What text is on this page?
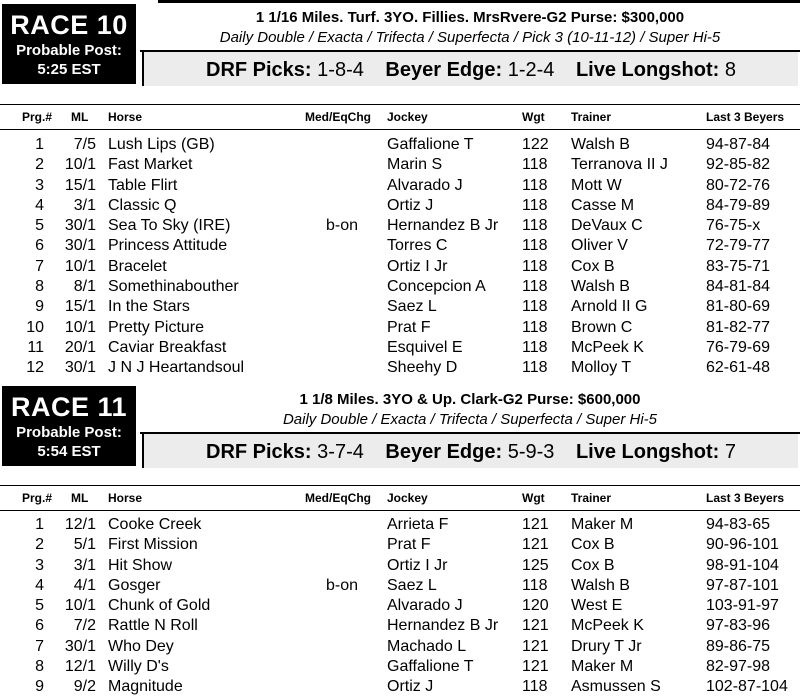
RACE 10
Probable Post:
5:25 EST
1 1/16 Miles. Turf. 3YO. Fillies. MrsRvere-G2 Purse: $300,000
Daily Double / Exacta / Trifecta / Superfecta / Pick 3 (10-11-12) / Super Hi-5
DRF Picks: 1-8-4 Beyer Edge: 1-2-4 Live Longshot: 8
Prg.# ML Horse	Med/EqChg Jockey	Wgt Trainer	Last 3 Beyers
1	7/5 Lush Lips (GB)	Gaffalione T	122 Walsh B	94-87-84
2	10/1 Fast Market	Marin S	118 Terranova II J 92-85-82
3	15/1 Table Flirt	Alvarado J	118 Mott W	80-72-76
4	3/1 Classic Q	Ortiz J	118 Casse M	84-79-89
5	30/1 Sea To Sky (IRE)	b-on Hernandez B Jr 118 DeVaux C	76-75-x
6	30/1 Princess Attitude	Torres C	118 Oliver V	72-79-77
7	10/1 Bracelet	Ortiz I Jr	118 Cox B	83-75-71
8	8/1 Somethinabouther	Concepcion A 118 Walsh B	84-81-84
9	15/1 In the Stars	Saez L	118 Arnold II G	81-80-69
10	10/1 Pretty Picture	Prat F	118 Brown C	81-82-77
11	20/1 Caviar Breakfast	Esquivel E	118 McPeek K	76-79-69
12	30/1 J N J Heartandsoul	Sheehy D	118 Molloy T	62-61-48
RACE 11
Probable Post:
5:54 EST
1 1/8 Miles. 3YO & Up. Clark-G2 Purse: $600,000
Daily Double / Exacta / Trifecta / Superfecta / Super Hi-5
DRF Picks: 3-7-4 Beyer Edge: 5-9-3 Live Longshot: 7
Prg.# ML Horse	Med/EqChg Jockey	Wgt Trainer	Last 3 Beyers
1	12/1 Cooke Creek	Arrieta F	121 Maker M	94-83-65
2	5/1 First Mission	Prat F	121 Cox B	90-96-101
3	3/1 Hit Show	Ortiz I Jr	125 Cox B	98-91-104
4	4/1 Gosger	b-on Saez L	118 Walsh B	97-87-101
5	10/1 Chunk of Gold	Alvarado J	120 West E	103-91-97
6	7/2 Rattle N Roll	Hernandez B Jr 121 McPeek K	97-83-96
7	30/1 Who Dey	Machado L	121 Drury T Jr	89-86-75
8	12/1 Willy D's	Gaffalione T	121 Maker M	82-97-98
9	9/2 Magnitude	Ortiz J	118 Asmussen S	102-87-104
